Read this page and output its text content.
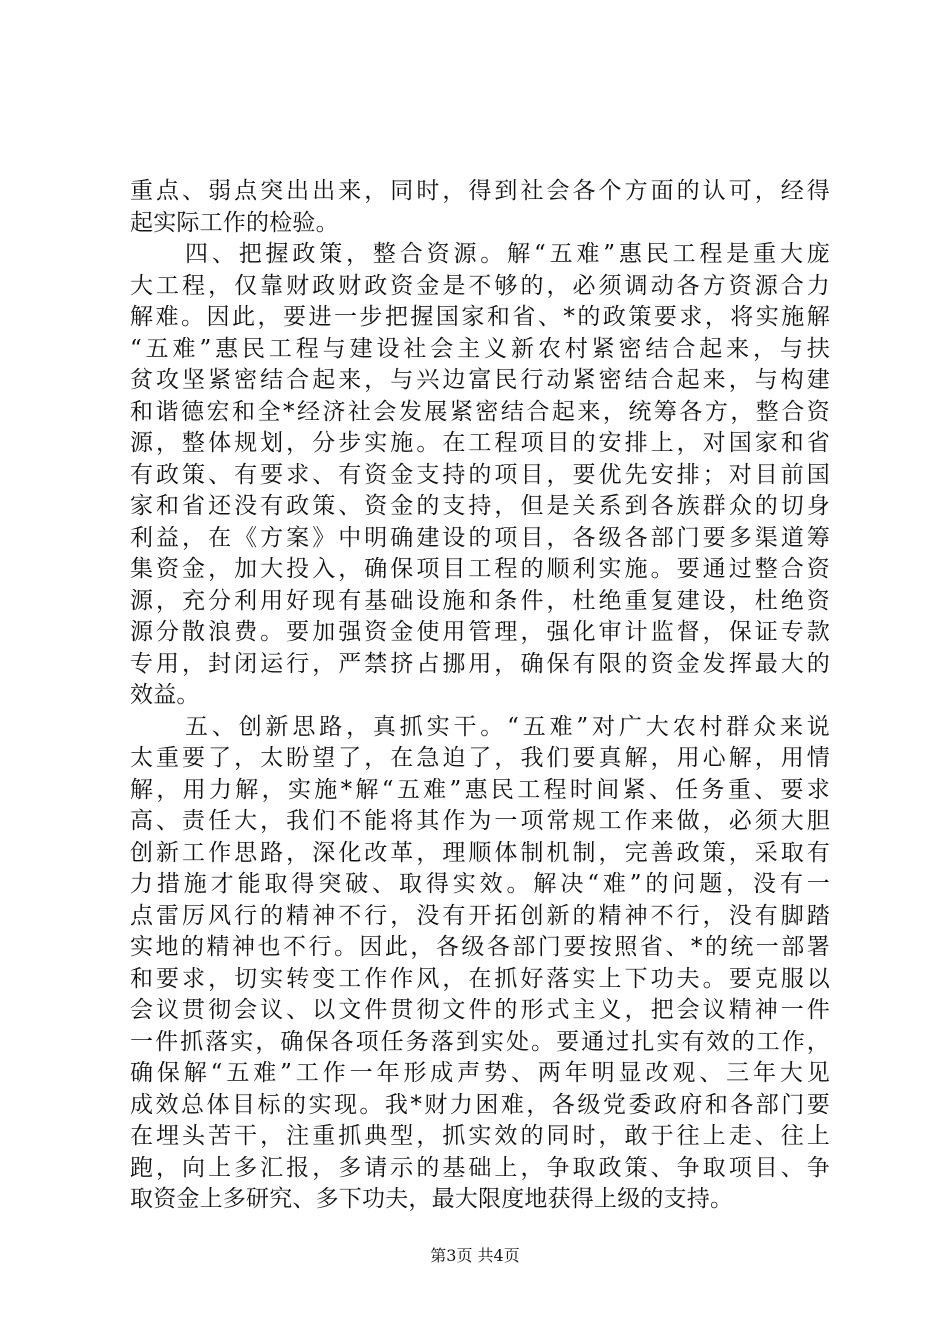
重点、弱点突出出来，同时，得到社会各个方面的认可，经得
起实际工作的检验。
四、把握政策，整合资源。解“五难”惠民工程是重大庞
大工程，仅靠财政财政资金是不够的，必须调动各方资源合力
解难。因此，要进一步把握国家和省、*的政策要求，将实施解
“五难”惠民工程与建设社会主义新农村紧密结合起来，与扶
贫攻坚紧密结合起来，与兴边富民行动紧密结合起来，与构建
和谐德宏和全*经济社会发展紧密结合起来，统筹各方，整合资
源，整体规划，分步实施。在工程项目的安排上，对国家和省
有政策、有要求、有资金支持的项目，要优先安排；对目前国
家和省还没有政策、资金的支持，但是关系到各族群众的切身
利益，在《方案》中明确建设的项目，各级各部门要多渠道筹
集资金，加大投入，确保项目工程的顺利实施。要通过整合资
源，充分利用好现有基础设施和条件，杜绝重复建设，杜绝资
源分散浪费。要加强资金使用管理，强化审计监督，保证专款
专用，封闭运行，严禁挤占挪用，确保有限的资金发挥最大的
效益。
五、创新思路，真抓实干。“五难”对广大农村群众来说
太重要了，太盼望了，在急迫了，我们要真解，用心解，用情
解，用力解，实施*解“五难”惠民工程时间紧、任务重、要求
高、责任大，我们不能将其作为一项常规工作来做，必须大胆
创新工作思路，深化改革，理顺体制机制，完善政策，采取有
力措施才能取得突破、取得实效。解决“难”的问题，没有一
点雷厉风行的精神不行，没有开拓创新的精神不行，没有脚踏
实地的精神也不行。因此，各级各部门要按照省、*的统一部署
和要求，切实转变工作作风，在抓好落实上下功夫。要克服以
会议贯彻会议、以文件贯彻文件的形式主义，把会议精神一件
一件抓落实，确保各项任务落到实处。要通过扎实有效的工作，
确保解“五难”工作一年形成声势、两年明显改观、三年大见
成效总体目标的实现。我*财力困难，各级党委政府和各部门要
在埋头苦干，注重抓典型，抓实效的同时，敢于往上走、往上
跑，向上多汇报，多请示的基础上，争取政策、争取项目、争
取资金上多研究、多下功夫，最大限度地获得上级的支持。
第3页 共4页
